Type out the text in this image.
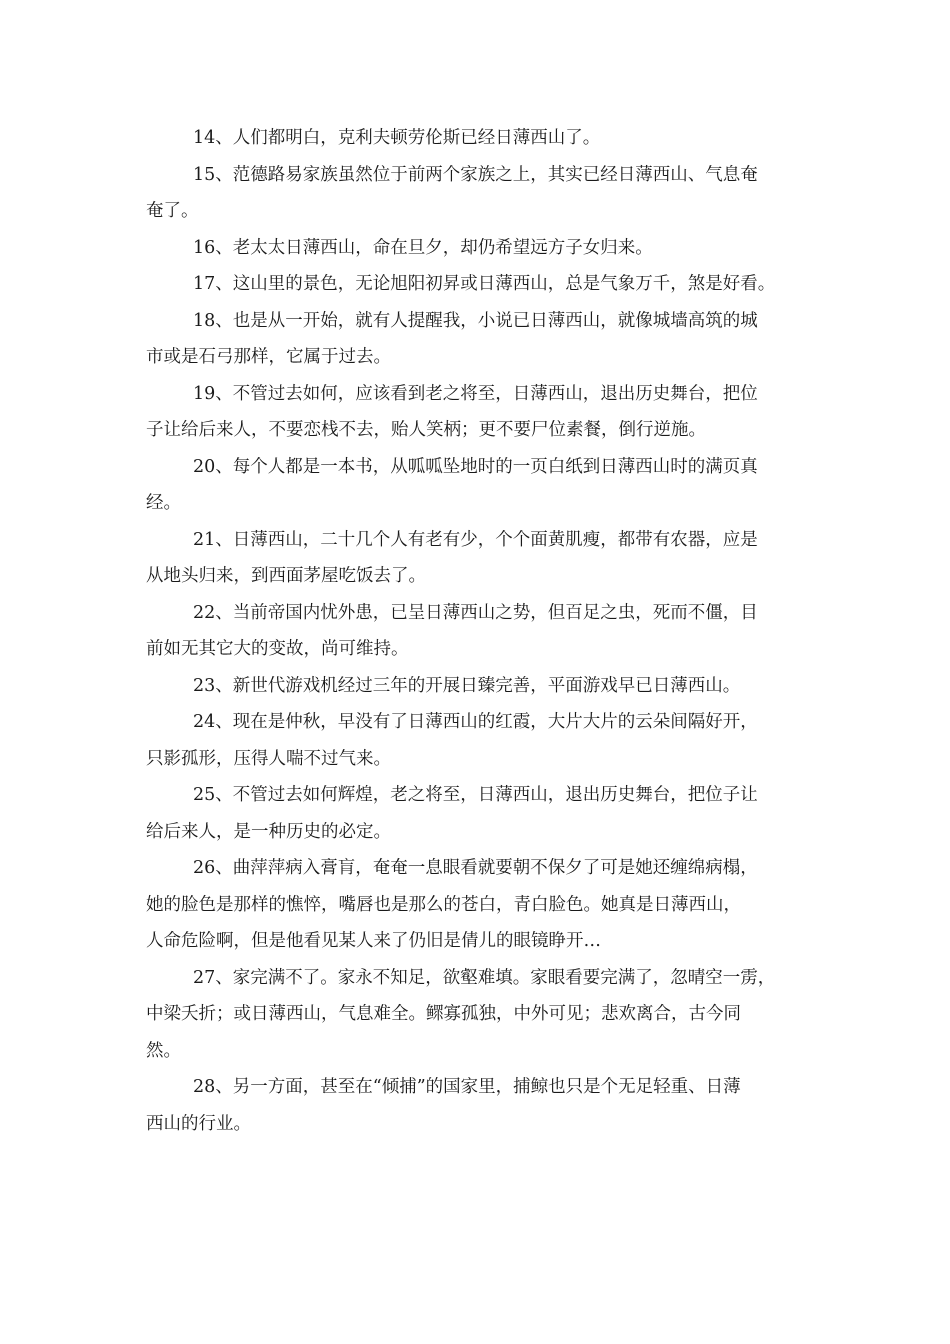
14、人们都明白，克利夫顿劳伦斯已经日薄西山了。

15、范德路易家族虽然位于前两个家族之上，其实已经日薄西山、气息奄
奄了。

16、老太太日薄西山，命在旦夕，却仍希望远方子女归来。

17、这山里的景色，无论旭阳初昇或日薄西山，总是气象万千，煞是好看。

18、也是从一开始，就有人提醒我，小说已日薄西山，就像城墙高筑的城
市或是石弓那样，它属于过去。

19、不管过去如何，应该看到老之将至，日薄西山，退出历史舞台，把位
子让给后来人，不要恋栈不去，贻人笑柄；更不要尸位素餐，倒行逆施。

20、每个人都是一本书，从呱呱坠地时的一页白纸到日薄西山时的满页真
经。

21、日薄西山，二十几个人有老有少，个个面黄肌瘦，都带有农器，应是
从地头归来，到西面茅屋吃饭去了。

22、当前帝国内忧外患，已呈日薄西山之势，但百足之虫，死而不僵，目
前如无其它大的变故，尚可维持。

23、新世代游戏机经过三年的开展日臻完善，平面游戏早已日薄西山。

24、现在是仲秋，早没有了日薄西山的红霞，大片大片的云朵间隔好开，
只影孤形，压得人喘不过气来。

25、不管过去如何辉煌，老之将至，日薄西山，退出历史舞台，把位子让
给后来人，是一种历史的必定。

26、曲萍萍病入膏肓，奄奄一息眼看就要朝不保夕了可是她还缠绵病榻，
她的脸色是那样的憔悴，嘴唇也是那么的苍白，青白脸色。她真是日薄西山，
人命危险啊，但是他看见某人来了仍旧是倩儿的眼镜睁开…

27、家完满不了。家永不知足，欲壑难填。家眼看要完满了，忽晴空一雳，
中梁夭折；或日薄西山，气息难全。鳏寡孤独，中外可见；悲欢离合，古今同
然。

28、另一方面，甚至在“倾捕”的国家里，捕鲸也只是个无足轻重、日薄
西山的行业。
